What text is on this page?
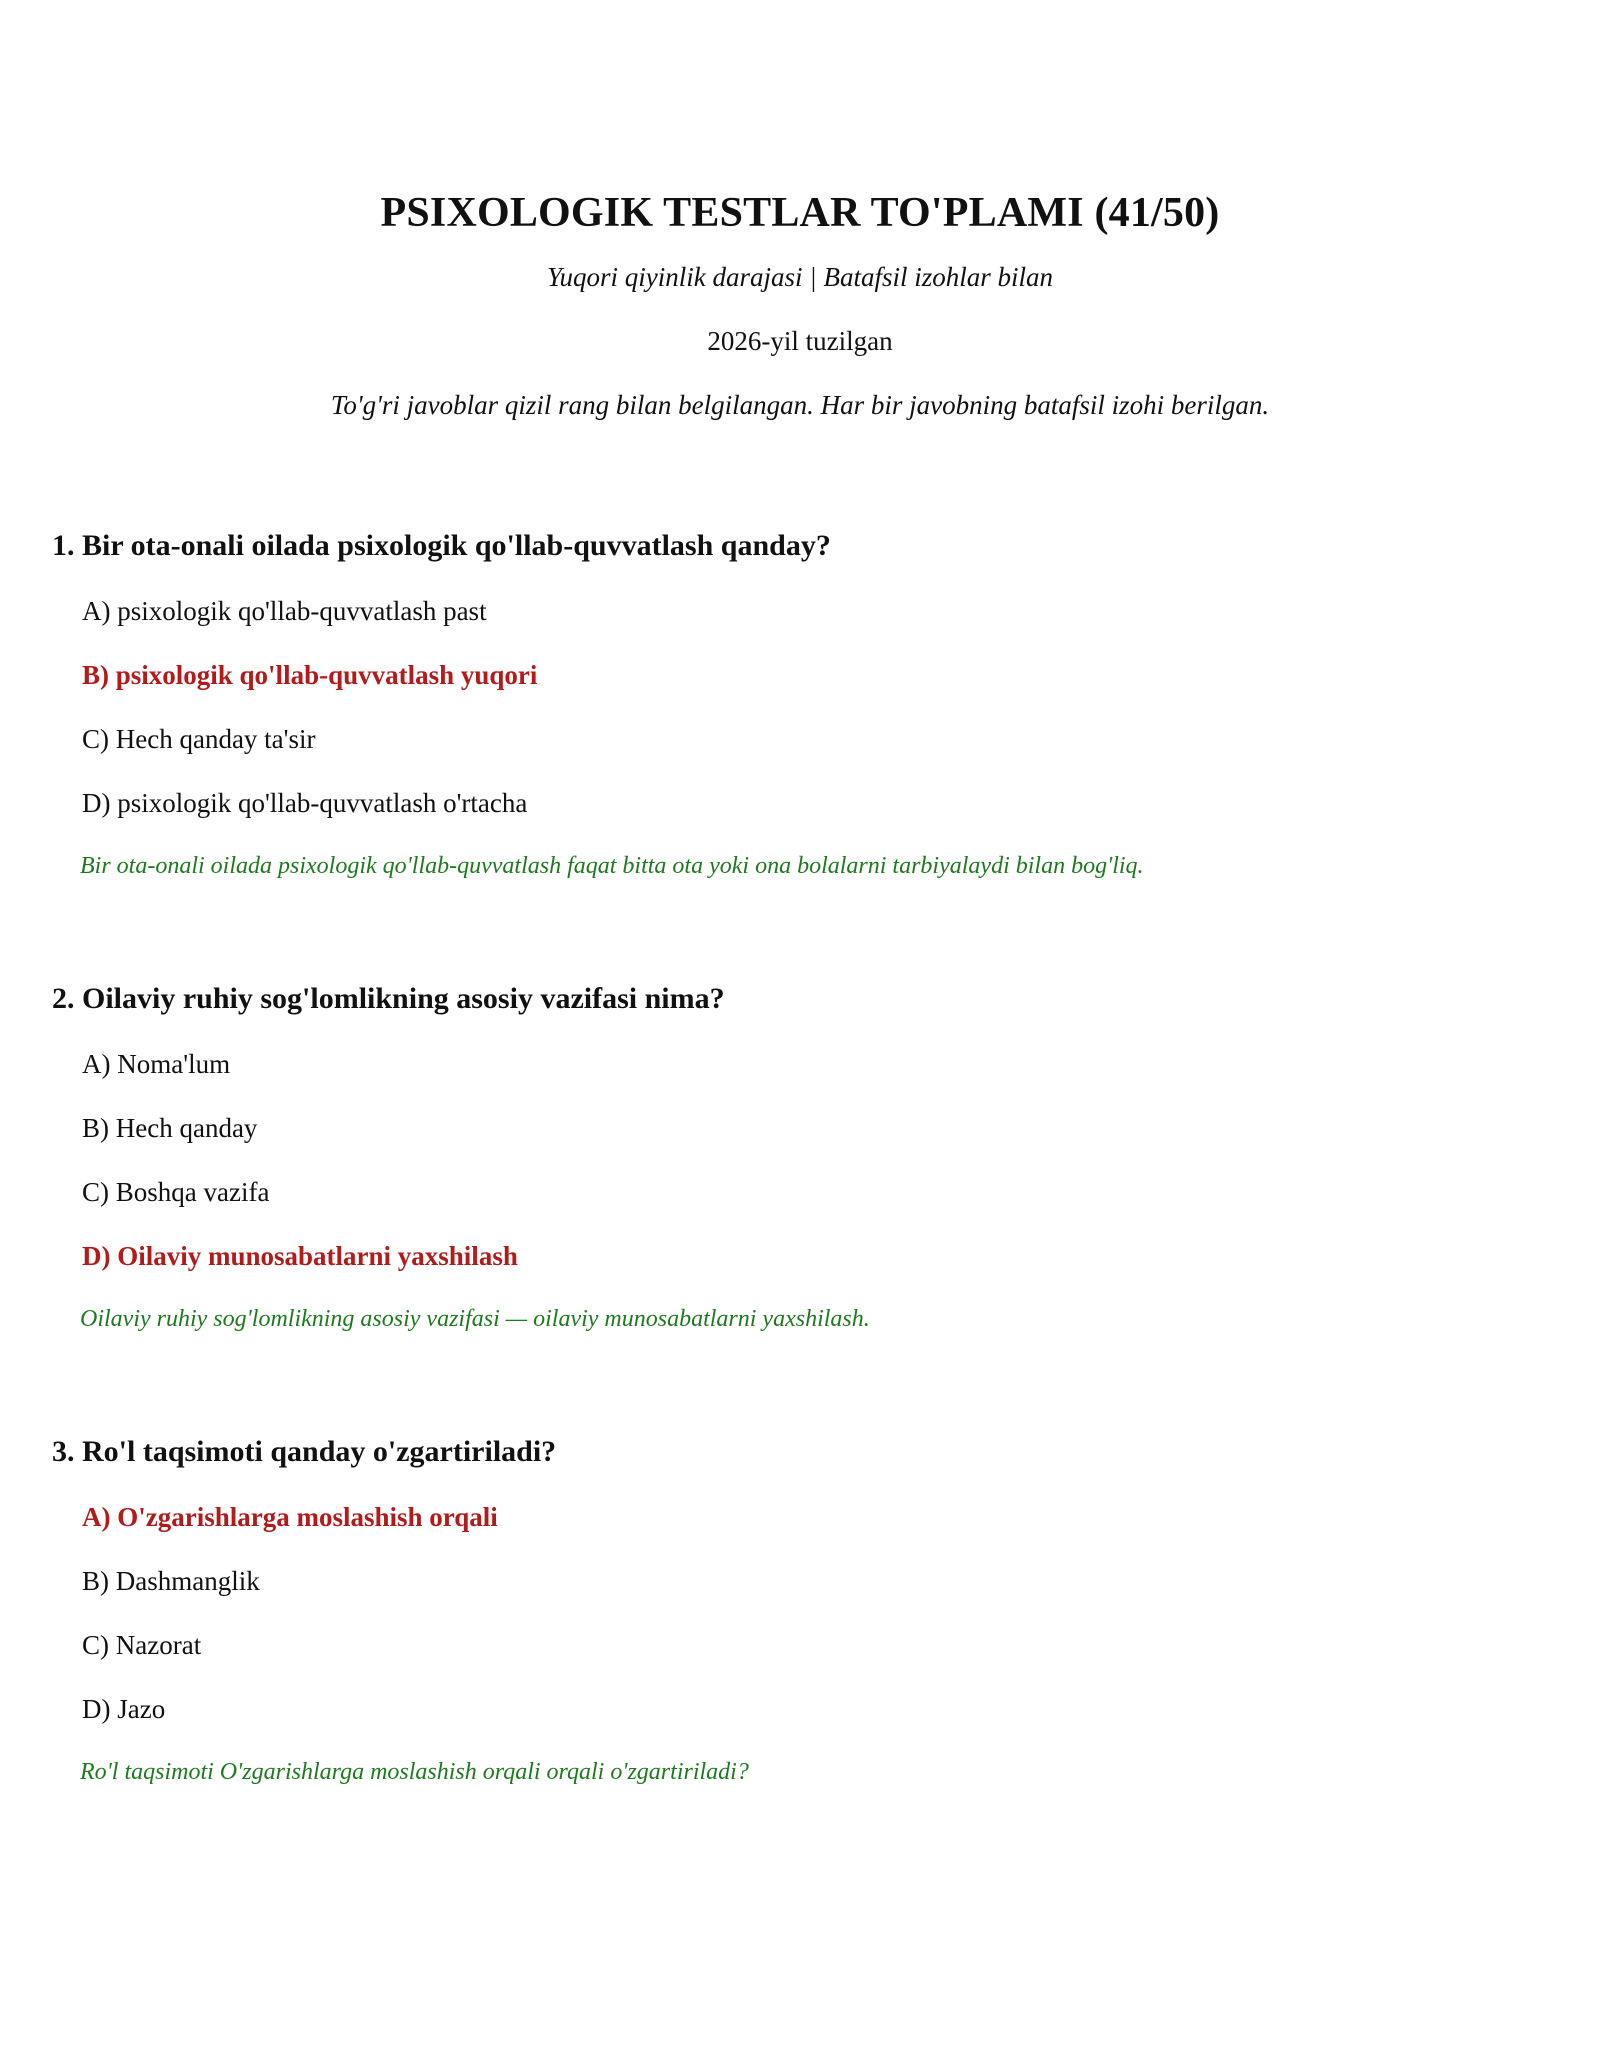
PSIXOLOGIK TESTLAR TO'PLAMI (41/50)
Yuqori qiyinlik darajasi | Batafsil izohlar bilan
2026-yil tuzilgan
To'g'ri javoblar qizil rang bilan belgilangan. Har bir javobning batafsil izohi berilgan.

1. Bir ota-onali oilada psixologik qo'llab-quvvatlash qanday?

A) psixologik qo'llab-quvvatlash past
B) psixologik qo'llab-quvvatlash yuqori
C) Hech qanday ta'sir
D) psixologik qo'llab-quvvatlash o'rtacha
Bir ota-onali oilada psixologik qo'llab-quvvatlash faqat bitta ota yoki ona bolalarni tarbiyalaydi bilan bog'liq.

2. Oilaviy ruhiy sog'lomlikning asosiy vazifasi nima?

A) Noma'lum
B) Hech qanday
C) Boshqa vazifa
D) Oilaviy munosabatlarni yaxshilash
Oilaviy ruhiy sog'lomlikning asosiy vazifasi — oilaviy munosabatlarni yaxshilash.

3. Ro'l taqsimoti qanday o'zgartiriladi?

A) O'zgarishlarga moslashish orqali
B) Dashmanglik
C) Nazorat
D) Jazo
Ro'l taqsimoti O'zgarishlarga moslashish orqali orqali o'zgartiriladi?
